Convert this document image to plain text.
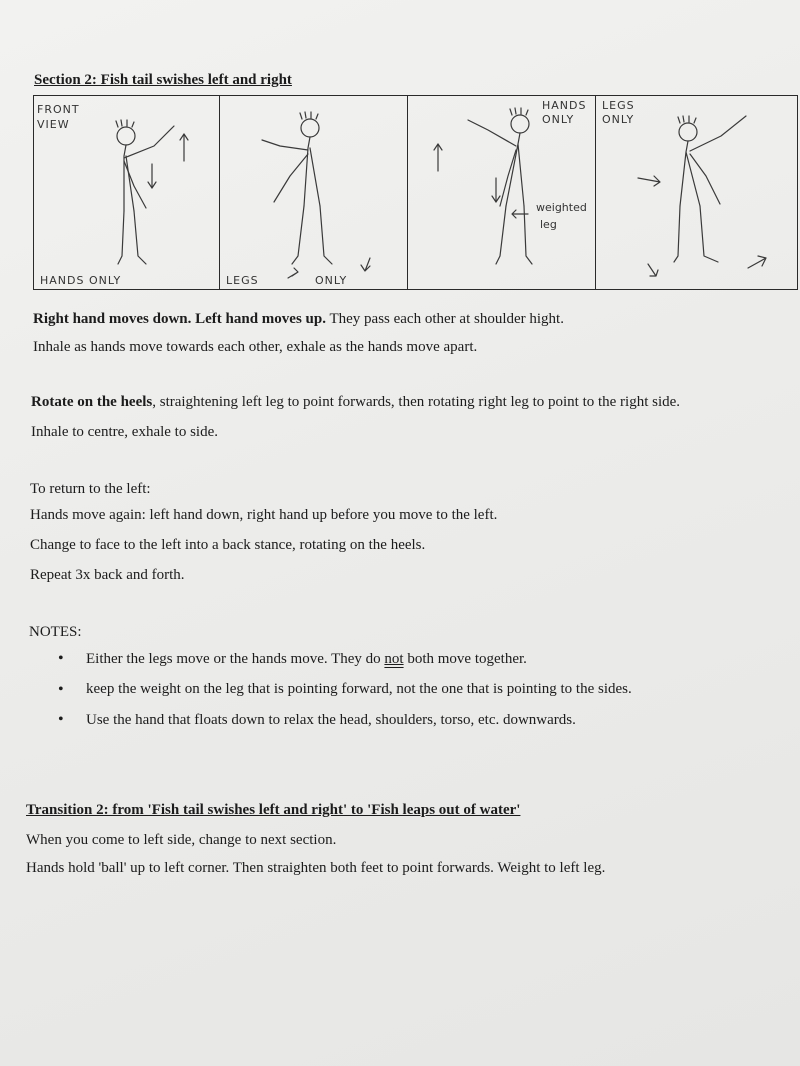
Section 2: Fish tail swishes left and right
FRONT
VIEW
HANDS ONLY	LEGS	ONLY
HANDS
ONLY
weighted
leg
LEGS
ONLY
Right hand moves down. Left hand moves up. They pass each other at shoulder hight.
Inhale as hands move towards each other, exhale as the hands move apart.
Rotate on the heels, straightening left leg to point forwards, then rotating right leg to point to the right side.
Inhale to centre, exhale to side.
To return to the left:
Hands move again: left hand down, right hand up before you move to the left.
Change to face to the left into a back stance, rotating on the heels.
Repeat 3x back and forth.
NOTES:
• Either the legs move or the hands move. They do not both move together.
• keep the weight on the leg that is pointing forward, not the one that is pointing to the sides.
• Use the hand that floats down to relax the head, shoulders, torso, etc. downwards.
Transition 2: from 'Fish tail swishes left and right' to 'Fish leaps out of water'
When you come to left side, change to next section.
Hands hold 'ball' up to left corner. Then straighten both feet to point forwards. Weight to left leg.
